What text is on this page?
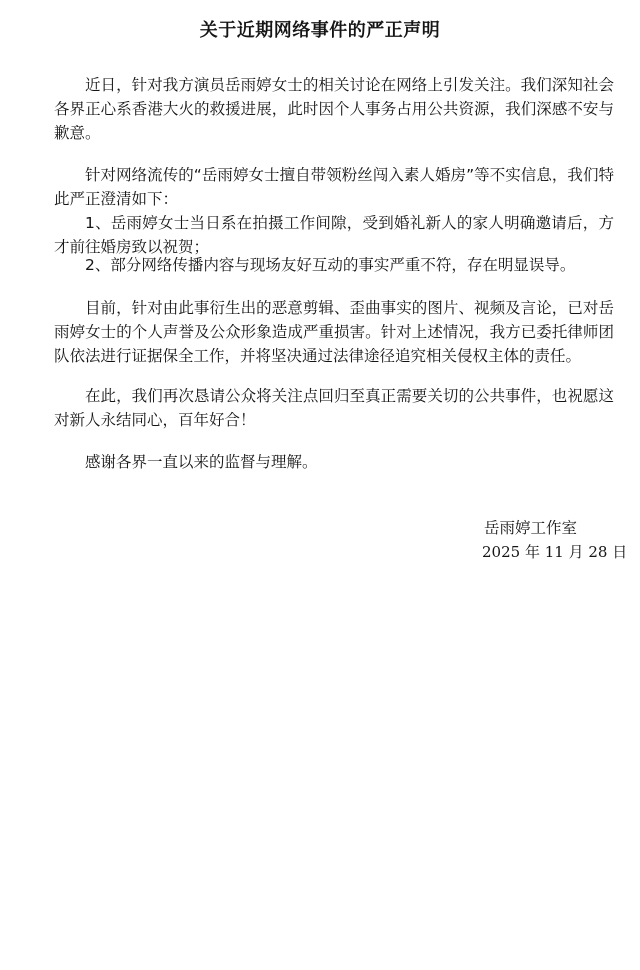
关于近期网络事件的严正声明

近日，针对我方演员岳雨婷女士的相关讨论在网络上引发关注。我们深知社会各界正心系香港大火的救援进展，此时因个人事务占用公共资源，我们深感不安与歉意。

针对网络流传的“岳雨婷女士擅自带领粉丝闯入素人婚房”等不实信息，我们特此严正澄清如下：

1、岳雨婷女士当日系在拍摄工作间隙，受到婚礼新人的家人明确邀请后，方才前往婚房致以祝贺；

2、部分网络传播内容与现场友好互动的事实严重不符，存在明显误导。

目前，针对由此事衍生出的恶意剪辑、歪曲事实的图片、视频及言论，已对岳雨婷女士的个人声誉及公众形象造成严重损害。针对上述情况，我方已委托律师团队依法进行证据保全工作，并将坚决通过法律途径追究相关侵权主体的责任。

在此，我们再次恳请公众将关注点回归至真正需要关切的公共事件，也祝愿这对新人永结同心，百年好合！

感谢各界一直以来的监督与理解。

岳雨婷工作室
2025 年 11 月 28 日
